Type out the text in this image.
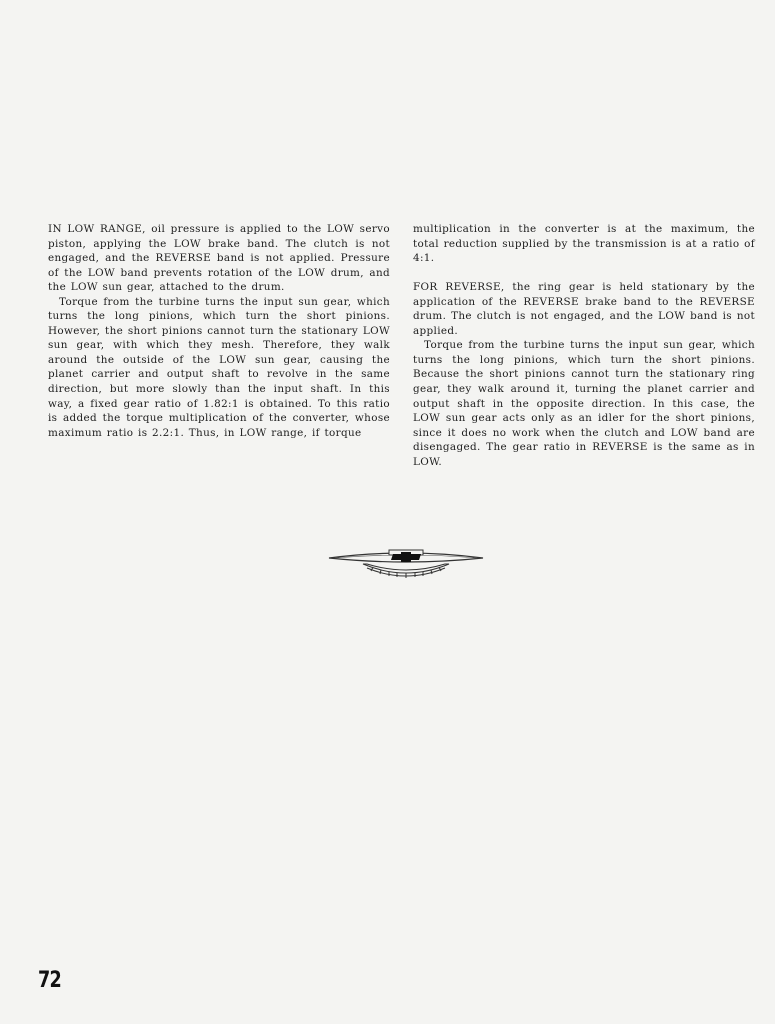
IN LOW RANGE, oil pressure is applied to the LOW servo piston, applying the LOW brake band. The clutch is not engaged, and the REVERSE band is not applied. Pressure of the LOW band prevents rotation of the LOW drum, and the LOW sun gear, attached to the drum.

Torque from the turbine turns the input sun gear, which turns the long pinions, which turn the short pinions. However, the short pinions cannot turn the stationary LOW sun gear, with which they mesh. Therefore, they walk around the outside of the LOW sun gear, causing the planet carrier and output shaft to revolve in the same direction, but more slowly than the input shaft. In this way, a fixed gear ratio of 1.82:1 is obtained. To this ratio is added the torque multiplication of the converter, whose maximum ratio is 2.2:1. Thus, in LOW range, if torque

multiplication in the converter is at the maximum, the total reduction supplied by the transmission is at a ratio of 4:1.

FOR REVERSE, the ring gear is held stationary by the application of the REVERSE brake band to the REVERSE drum. The clutch is not engaged, and the LOW band is not applied.

Torque from the turbine turns the input sun gear, which turns the long pinions, which turn the short pinions. Because the short pinions cannot turn the stationary ring gear, they walk around it, turning the planet carrier and output shaft in the opposite direction. In this case, the LOW sun gear acts only as an idler for the short pinions, since it does no work when the clutch and LOW band are disengaged. The gear ratio in REVERSE is the same as in LOW.

72
